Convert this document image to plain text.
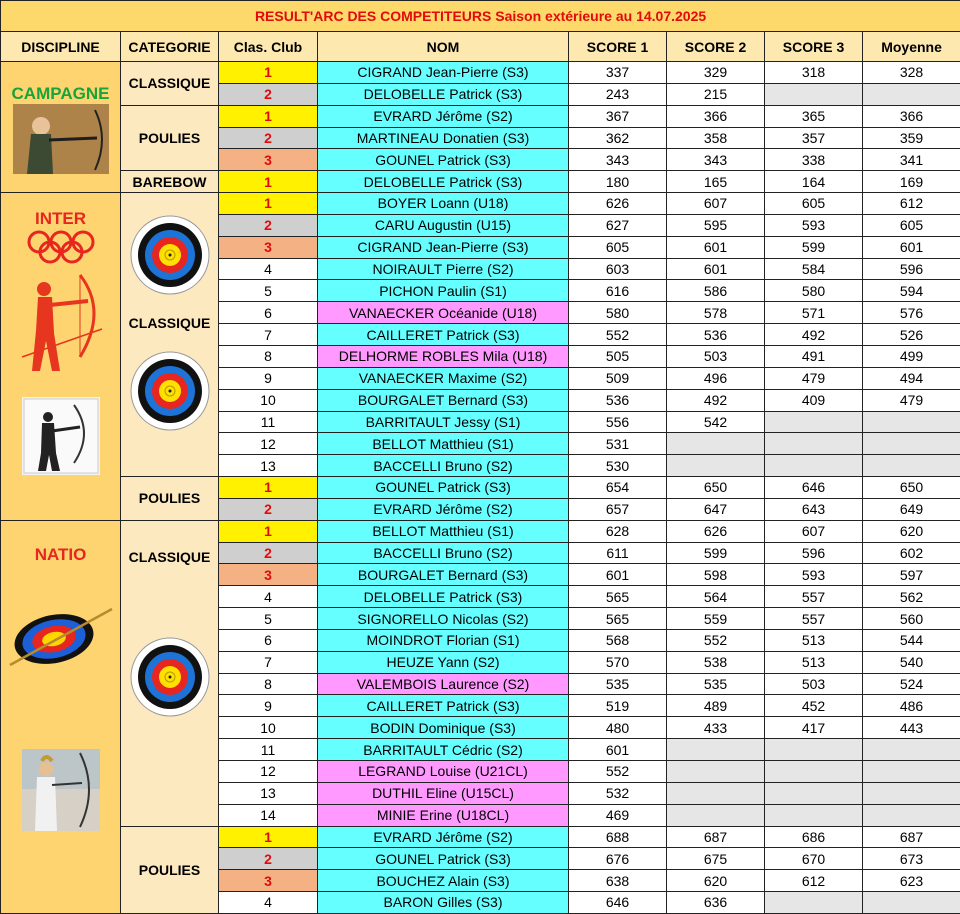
RESULT'ARC DES COMPETITEURS Saison extérieure au 14.07.2025							
DISCIPLINE	CATEGORIE	Clas. Club	NOM	SCORE 1	SCORE 2	SCORE 3	Moyenne

CAMPAGNE	CLASSIQUE	1	CIGRAND Jean-Pierre (S3)	337	329	318	328
		2	DELOBELLE Patrick (S3)	243	215		
	POULIES	1	EVRARD Jérôme (S2)	367	366	365	366
		2	MARTINEAU Donatien (S3)	362	358	357	359
		3	GOUNEL Patrick (S3)	343	343	338	341
	BAREBOW	1	DELOBELLE Patrick (S3)	180	165	164	169

INTER	CLASSIQUE	1	BOYER Loann (U18)	626	607	605	612
		2	CARU Augustin (U15)	627	595	593	605
		3	CIGRAND Jean-Pierre (S3)	605	601	599	601
		4	NOIRAULT Pierre (S2)	603	601	584	596
		5	PICHON Paulin (S1)	616	586	580	594
		6	VANAECKER Océanide (U18)	580	578	571	576
		7	CAILLERET Patrick (S3)	552	536	492	526
		8	DELHORME ROBLES Mila (U18)	505	503	491	499
		9	VANAECKER Maxime (S2)	509	496	479	494
		10	BOURGALET Bernard (S3)	536	492	409	479
		11	BARRITAULT Jessy (S1)	556	542		
		12	BELLOT Matthieu (S1)	531			
		13	BACCELLI Bruno (S2)	530			
	POULIES	1	GOUNEL Patrick (S3)	654	650	646	650
		2	EVRARD Jérôme (S2)	657	647	643	649

NATIO	CLASSIQUE	1	BELLOT Matthieu (S1)	628	626	607	620
		2	BACCELLI Bruno (S2)	611	599	596	602
		3	BOURGALET Bernard (S3)	601	598	593	597
		4	DELOBELLE Patrick (S3)	565	564	557	562
		5	SIGNORELLO Nicolas (S2)	565	559	557	560
		6	MOINDROT Florian (S1)	568	552	513	544
		7	HEUZE Yann (S2)	570	538	513	540
		8	VALEMBOIS Laurence (S2)	535	535	503	524
		9	CAILLERET Patrick (S3)	519	489	452	486
		10	BODIN Dominique (S3)	480	433	417	443
		11	BARRITAULT Cédric (S2)	601			
		12	LEGRAND Louise (U21CL)	552			
		13	DUTHIL Eline (U15CL)	532			
		14	MINIE Erine (U18CL)	469			
	POULIES	1	EVRARD Jérôme (S2)	688	687	686	687
		2	GOUNEL Patrick (S3)	676	675	670	673
		3	BOUCHEZ Alain (S3)	638	620	612	623
		4	BARON Gilles (S3)	646	636		
